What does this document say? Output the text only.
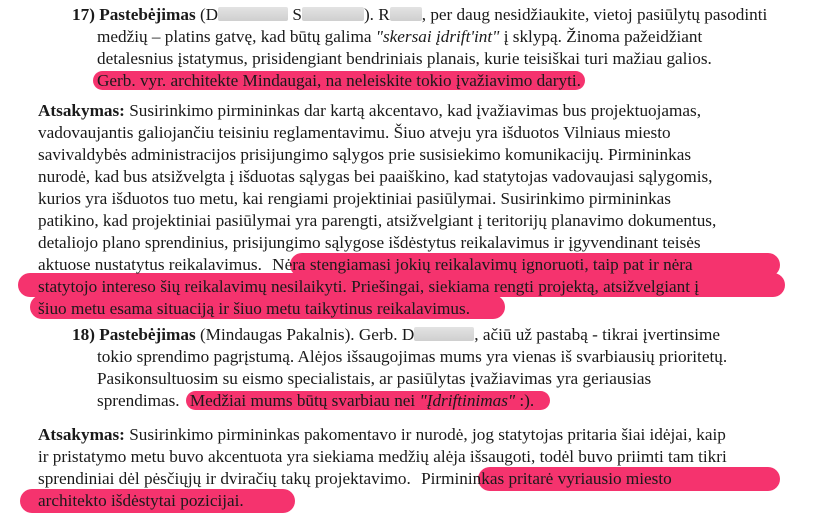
17) Pastebėjimas (D	S	). R , per daug nesidžiaukite, vietoj pasiūlytų pasodinti
medžių – platins gatvę, kad būtų galima "skersai įdrift'int" į sklypą. Žinoma pažeidžiant
detalesnius įstatymus, prisidengiant bendriniais planais, kurie teisiškai turi mažiau galios.
Gerb. vyr. architekte Mindaugai, na neleiskite tokio įvažiavimo daryti.
Atsakymas: Susirinkimo pirmininkas dar kartą akcentavo, kad įvažiavimas bus projektuojamas,
vadovaujantis galiojančiu teisiniu reglamentavimu. Šiuo atveju yra išduotos Vilniaus miesto
savivaldybės administracijos prisijungimo sąlygos prie susisiekimo komunikacijų. Pirmininkas
nurodė, kad bus atsižvelgta į išduotas sąlygas bei paaiškino, kad statytojas vadovaujasi sąlygomis,
kurios yra išduotos tuo metu, kai rengiami projektiniai pasiūlymai. Susirinkimo pirmininkas
patikino, kad projektiniai pasiūlymai yra parengti, atsižvelgiant į teritorijų planavimo dokumentus,
detaliojo plano sprendinius, prisijungimo sąlygose išdėstytus reikalavimus ir įgyvendinant teisės
aktuose nustatytus reikalavimus. Nėra stengiamasi jokių reikalavimų ignoruoti, taip pat ir nėra
statytojo intereso šių reikalavimų nesilaikyti. Priešingai, siekiama rengti projektą, atsižvelgiant į
šiuo metu esama situaciją ir šiuo metu taikytinus reikalavimus.
18) Pastebėjimas (Mindaugas Pakalnis). Gerb. D	, ačiū už pastabą - tikrai įvertinsime
tokio sprendimo pagrįstumą. Alėjos išsaugojimas mums yra vienas iš svarbiausių prioritetų.
Pasikonsultuosim su eismo specialistais, ar pasiūlytas įvažiavimas yra geriausias
sprendimas. Medžiai mums būtų svarbiau nei "Įdriftinimas" :).
Atsakymas: Susirinkimo pirmininkas pakomentavo ir nurodė, jog statytojas pritaria šiai idėjai, kaip
ir pristatymo metu buvo akcentuota yra siekiama medžių alėja išsaugoti, todėl buvo priimti tam tikri
sprendiniai dėl pėsčiųjų ir dviračių takų projektavimo. Pirmininkas pritarė vyriausio miesto
architekto išdėstytai pozicijai.
